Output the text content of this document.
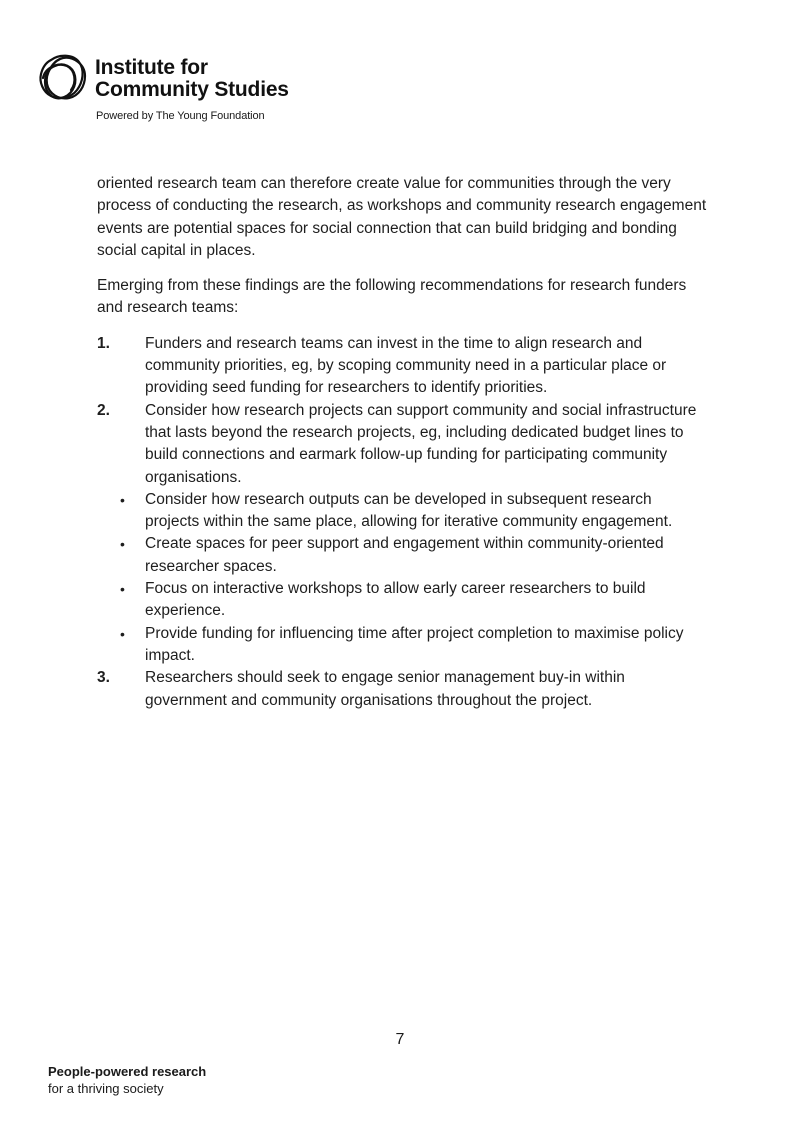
Institute for
Community Studies
Powered by The Young Foundation

oriented research team can therefore create value for communities through the very process of conducting the research, as workshops and community research engagement events are potential spaces for social connection that can build bridging and bonding social capital in places.

Emerging from these findings are the following recommendations for research funders and research teams:

1.	Funders and research teams can invest in the time to align research and community priorities, eg, by scoping community need in a particular place or providing seed funding for researchers to identify priorities.
2.	Consider how research projects can support community and social infrastructure that lasts beyond the research projects, eg, including dedicated budget lines to build connections and earmark follow-up funding for participating community organisations.
• Consider how research outputs can be developed in subsequent research projects within the same place, allowing for iterative community engagement.
• Create spaces for peer support and engagement within community-oriented researcher spaces.
• Focus on interactive workshops to allow early career researchers to build experience.
• Provide funding for influencing time after project completion to maximise policy impact.
3.	Researchers should seek to engage senior management buy-in within government and community organisations throughout the project.
7
People-powered research
for a thriving society
